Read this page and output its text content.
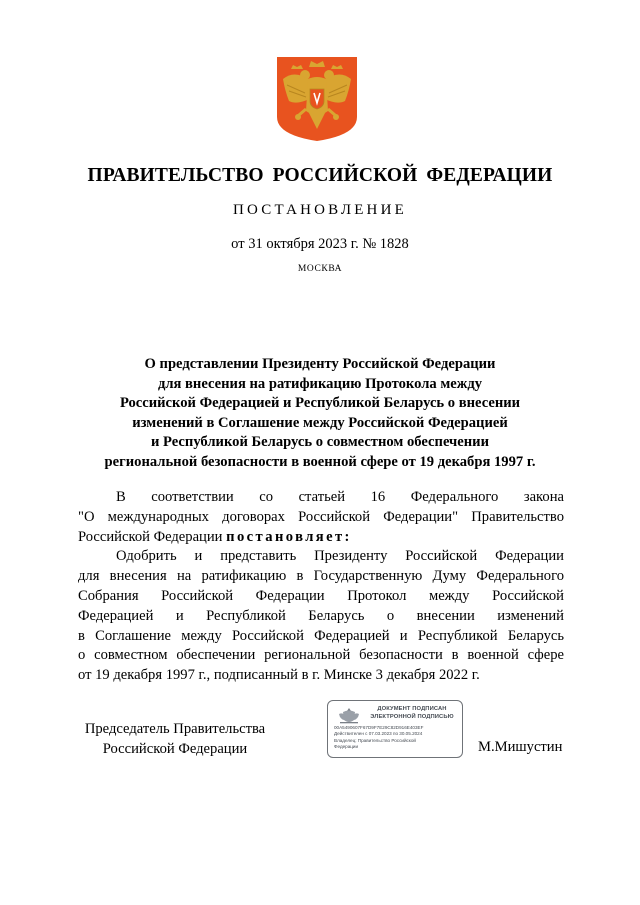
ПРАВИТЕЛЬСТВО РОССИЙСКОЙ ФЕДЕРАЦИИ
ПОСТАНОВЛЕНИЕ
от 31 октября 2023 г. № 1828
МОСКВА
О представлении Президенту Российской Федерации
для внесения на ратификацию Протокола между
Российской Федерацией и Республикой Беларусь о внесении
изменений в Соглашение между Российской Федерацией
и Республикой Беларусь о совместном обеспечении
региональной безопасности в военной сфере от 19 декабря 1997 г.
В соответствии со статьей 16 Федерального закона
"О международных договорах Российской Федерации" Правительство
Российской Федерации постановляет:
Одобрить и представить Президенту Российской Федерации
для внесения на ратификацию в Государственную Думу Федерального
Собрания Российской Федерации Протокол между Российской
Федерацией и Республикой Беларусь о внесении изменений
в Соглашение между Российской Федерацией и Республикой Беларусь
о совместном обеспечении региональной безопасности в военной сфере
от 19 декабря 1997 г., подписанный в г. Минске 3 декабря 2022 г.
Председатель Правительства
Российской Федерации
ДОКУМЕНТ ПОДПИСАН
ЭЛЕКТРОННОЙ ПОДПИСЬЮ
00A5490607F67D9F7E29C82D916E403EF
Действителен с 07.03.2023 по 30.05.2024
Владелец: Правительство Российской
Федерации	М.Мишустин
